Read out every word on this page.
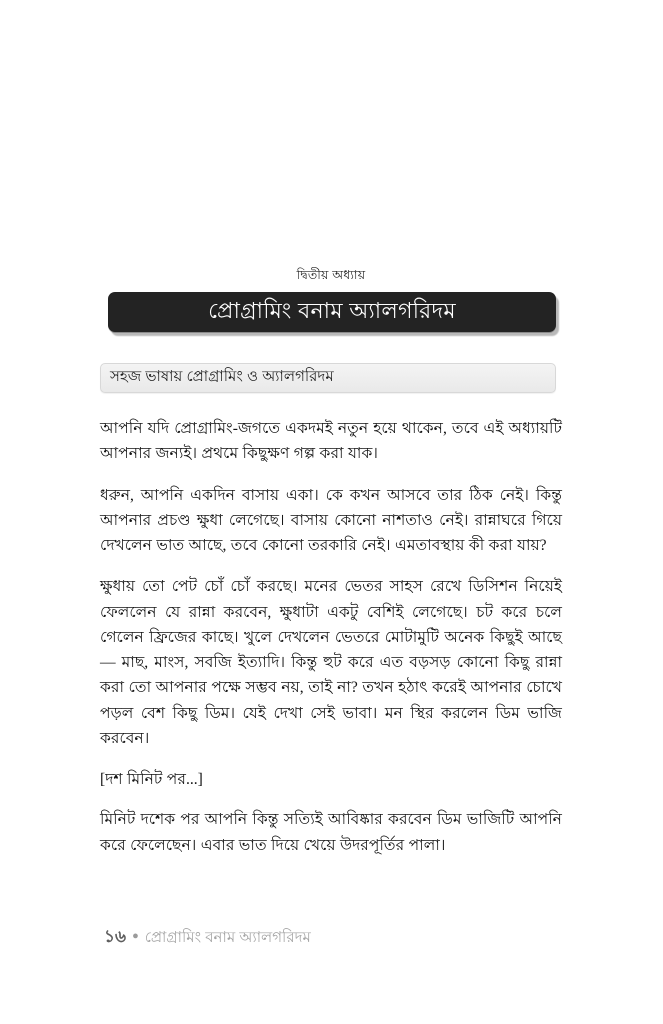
দ্বিতীয় অধ্যায়
প্রোগ্রামিং বনাম অ্যালগরিদম
সহজ ভাষায় প্রোগ্রামিং ও অ্যালগরিদম

আপনি যদি প্রোগ্রামিং-জগতে একদমই নতুন হয়ে থাকেন, তবে এই অধ্যায়টি আপনার জন্যই। প্রথমে কিছুক্ষণ গল্প করা যাক।

ধরুন, আপনি একদিন বাসায় একা। কে কখন আসবে তার ঠিক নেই। কিন্তু আপনার প্রচণ্ড ক্ষুধা লেগেছে। বাসায় কোনো নাশতাও নেই। রান্নাঘরে গিয়ে দেখলেন ভাত আছে, তবে কোনো তরকারি নেই। এমতাবস্থায় কী করা যায়?

ক্ষুধায় তো পেট চোঁ চোঁ করছে। মনের ভেতর সাহস রেখে ডিসিশন নিয়েই ফেললেন যে রান্না করবেন, ক্ষুধাটা একটু বেশিই লেগেছে। চট করে চলে গেলেন ফ্রিজের কাছে। খুলে দেখলেন ভেতরে মোটামুটি অনেক কিছুই আছে— মাছ, মাংস, সবজি ইত্যাদি। কিন্তু হুট করে এত বড়সড় কোনো কিছু রান্না করা তো আপনার পক্ষে সম্ভব নয়, তাই না? তখন হঠাৎ করেই আপনার চোখে পড়ল বেশ কিছু ডিম। যেই দেখা সেই ভাবা। মন স্থির করলেন ডিম ভাজি করবেন।

[দশ মিনিট পর...]

মিনিট দশেক পর আপনি কিন্তু সত্যিই আবিষ্কার করবেন ডিম ভাজিটি আপনি করে ফেলেছেন। এবার ভাত দিয়ে খেয়ে উদরপূর্তির পালা।

১৬ ● প্রোগ্রামিং বনাম অ্যালগরিদম
